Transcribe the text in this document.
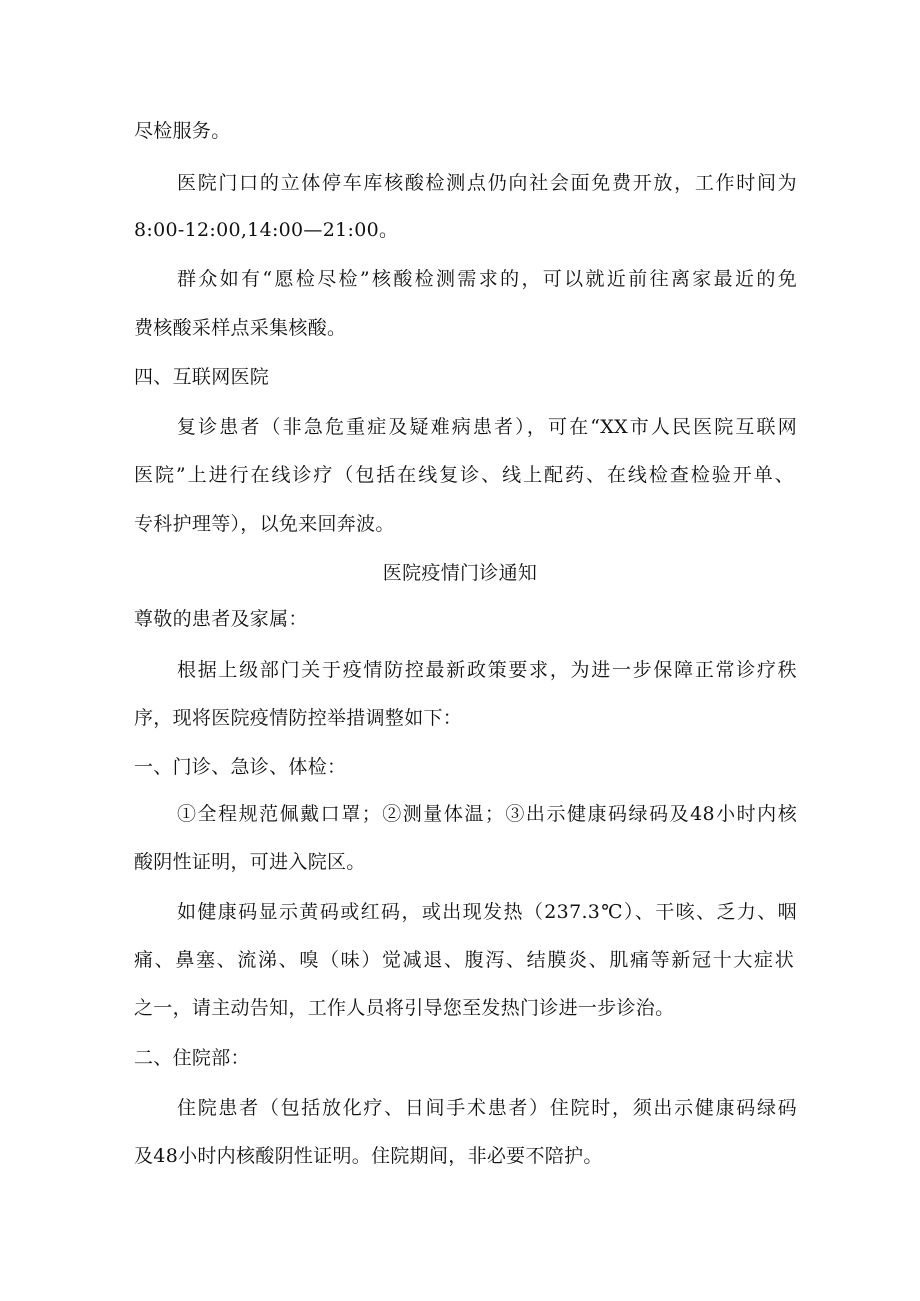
尽检服务。
医院门口的立体停车库核酸检测点仍向社会面免费开放，工作时间为
8:00-12:00,14:00—21:00。
群众如有“愿检尽检”核酸检测需求的，可以就近前往离家最近的免
费核酸采样点采集核酸。
四、互联网医院
复诊患者（非急危重症及疑难病患者），可在“XX市人民医院互联网
医院”上进行在线诊疗（包括在线复诊、线上配药、在线检查检验开单、
专科护理等），以免来回奔波。
医院疫情门诊通知
尊敬的患者及家属：
根据上级部门关于疫情防控最新政策要求，为进一步保障正常诊疗秩
序，现将医院疫情防控举措调整如下：
一、门诊、急诊、体检：
①全程规范佩戴口罩；②测量体温；③出示健康码绿码及48小时内核
酸阴性证明，可进入院区。
如健康码显示黄码或红码，或出现发热（237.3℃）、干咳、乏力、咽
痛、鼻塞、流涕、嗅（味）觉减退、腹泻、结膜炎、肌痛等新冠十大症状
之一，请主动告知，工作人员将引导您至发热门诊进一步诊治。
二、住院部：
住院患者（包括放化疗、日间手术患者）住院时，须出示健康码绿码
及48小时内核酸阴性证明。住院期间，非必要不陪护。
